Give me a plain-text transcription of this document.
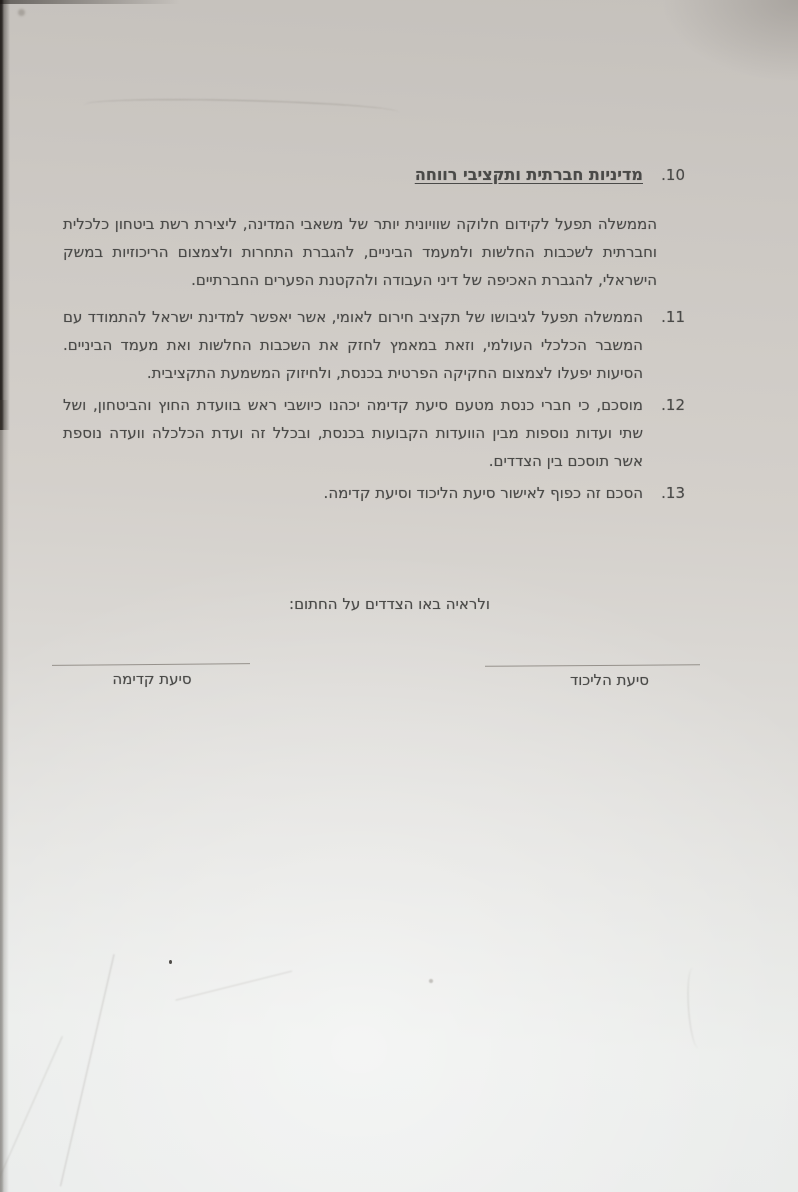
10.
מדיניות חברתית ותקציבי רווחה
הממשלה תפעל לקידום חלוקה שוויונית יותר של משאבי המדינה, ליצירת רשת ביטחון כלכלית וחברתית לשכבות החלשות ולמעמד הביניים, להגברת התחרות ולצמצום הריכוזיות במשק הישראלי, להגברת האכיפה של דיני העבודה ולהקטנת הפערים החברתיים.
11.
הממשלה תפעל לגיבושו של תקציב חירום לאומי, אשר יאפשר למדינת ישראל להתמודד עם המשבר הכלכלי העולמי, וזאת במאמץ לחזק את השכבות החלשות ואת מעמד הביניים. הסיעות יפעלו לצמצום החקיקה הפרטית בכנסת, ולחיזוק המשמעת התקציבית.
12.
מוסכם, כי חברי כנסת מטעם סיעת קדימה יכהנו כיושבי ראש בוועדת החוץ והביטחון, ושל שתי ועדות נוספות מבין הוועדות הקבועות בכנסת, ובכלל זה ועדת הכלכלה וועדה נוספת אשר תוסכם בין הצדדים.
13.
הסכם זה כפוף לאישור סיעת הליכוד וסיעת קדימה.
ולראיה באו הצדדים על החתום:
סיעת הליכוד
סיעת קדימה
